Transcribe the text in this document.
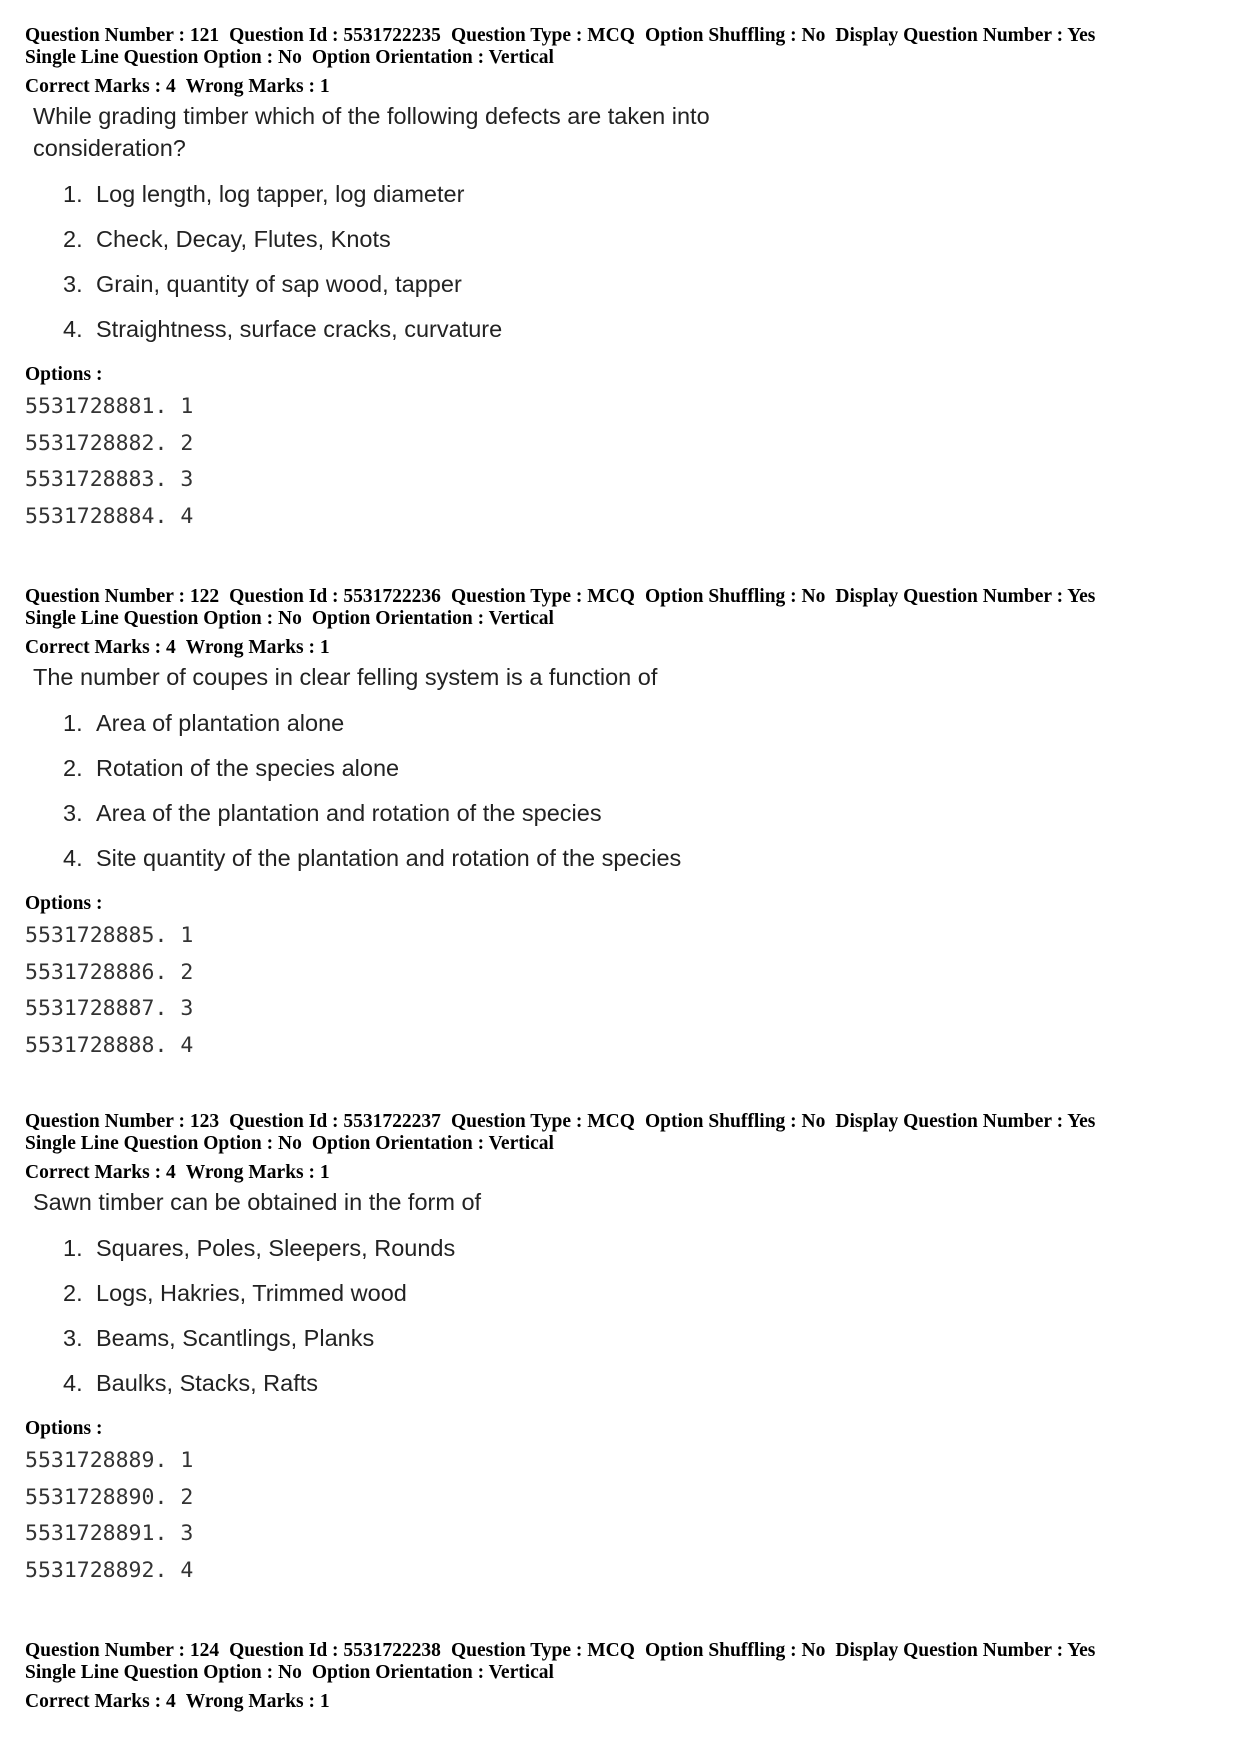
Question Number : 121 Question Id : 5531722235 Question Type : MCQ Option Shuffling : No Display Question Number : Yes
Single Line Question Option : No Option Orientation : Vertical
Correct Marks : 4 Wrong Marks : 1
While grading timber which of the following defects are taken into
consideration?
1. Log length, log tapper, log diameter
2. Check, Decay, Flutes, Knots
3. Grain, quantity of sap wood, tapper
4. Straightness, surface cracks, curvature
Options :
5531728881. 1
5531728882. 2
5531728883. 3
5531728884. 4
Question Number : 122 Question Id : 5531722236 Question Type : MCQ Option Shuffling : No Display Question Number : Yes
Single Line Question Option : No Option Orientation : Vertical
Correct Marks : 4 Wrong Marks : 1
The number of coupes in clear felling system is a function of
1. Area of plantation alone
2. Rotation of the species alone
3. Area of the plantation and rotation of the species
4. Site quantity of the plantation and rotation of the species
Options :
5531728885. 1
5531728886. 2
5531728887. 3
5531728888. 4
Question Number : 123 Question Id : 5531722237 Question Type : MCQ Option Shuffling : No Display Question Number : Yes
Single Line Question Option : No Option Orientation : Vertical
Correct Marks : 4 Wrong Marks : 1
Sawn timber can be obtained in the form of
1. Squares, Poles, Sleepers, Rounds
2. Logs, Hakries, Trimmed wood
3. Beams, Scantlings, Planks
4. Baulks, Stacks, Rafts
Options :
5531728889. 1
5531728890. 2
5531728891. 3
5531728892. 4
Question Number : 124 Question Id : 5531722238 Question Type : MCQ Option Shuffling : No Display Question Number : Yes
Single Line Question Option : No Option Orientation : Vertical
Correct Marks : 4 Wrong Marks : 1
